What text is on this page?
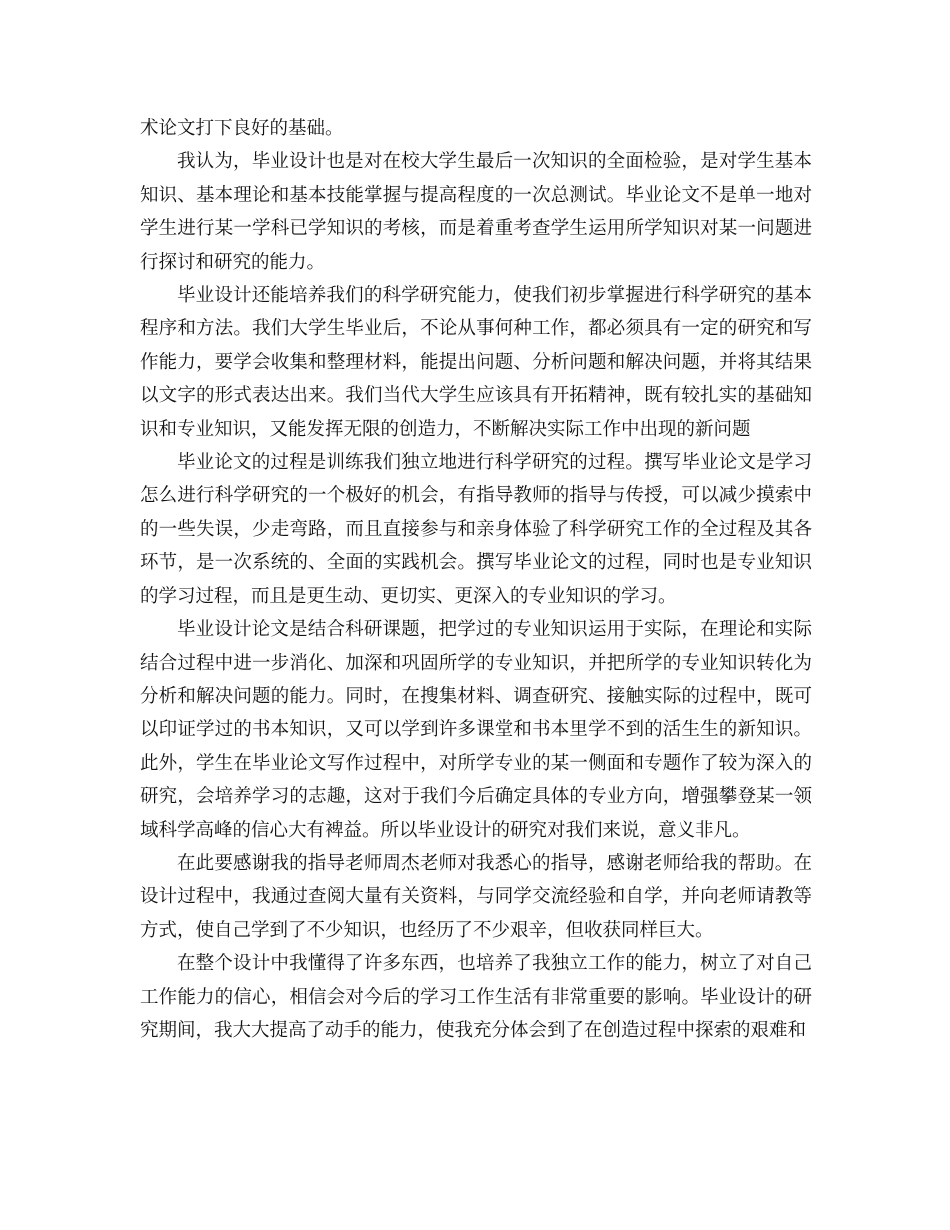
术论文打下良好的基础。

我认为，毕业设计也是对在校大学生最后一次知识的全面检验，是对学生基本知识、基本理论和基本技能掌握与提高程度的一次总测试。毕业论文不是单一地对学生进行某一学科已学知识的考核，而是着重考查学生运用所学知识对某一问题进行探讨和研究的能力。

毕业设计还能培养我们的科学研究能力，使我们初步掌握进行科学研究的基本程序和方法。我们大学生毕业后，不论从事何种工作，都必须具有一定的研究和写作能力，要学会收集和整理材料，能提出问题、分析问题和解决问题，并将其结果以文字的形式表达出来。我们当代大学生应该具有开拓精神，既有较扎实的基础知识和专业知识，又能发挥无限的创造力，不断解决实际工作中出现的新问题

毕业论文的过程是训练我们独立地进行科学研究的过程。撰写毕业论文是学习怎么进行科学研究的一个极好的机会，有指导教师的指导与传授，可以减少摸索中的一些失误，少走弯路，而且直接参与和亲身体验了科学研究工作的全过程及其各环节，是一次系统的、全面的实践机会。撰写毕业论文的过程，同时也是专业知识的学习过程，而且是更生动、更切实、更深入的专业知识的学习。

毕业设计论文是结合科研课题，把学过的专业知识运用于实际，在理论和实际结合过程中进一步消化、加深和巩固所学的专业知识，并把所学的专业知识转化为分析和解决问题的能力。同时，在搜集材料、调查研究、接触实际的过程中，既可以印证学过的书本知识，又可以学到许多课堂和书本里学不到的活生生的新知识。此外，学生在毕业论文写作过程中，对所学专业的某一侧面和专题作了较为深入的研究，会培养学习的志趣，这对于我们今后确定具体的专业方向，增强攀登某一领域科学高峰的信心大有裨益。所以毕业设计的研究对我们来说，意义非凡。

在此要感谢我的指导老师周杰老师对我悉心的指导，感谢老师给我的帮助。在设计过程中，我通过查阅大量有关资料，与同学交流经验和自学，并向老师请教等方式，使自己学到了不少知识，也经历了不少艰辛，但收获同样巨大。

在整个设计中我懂得了许多东西，也培养了我独立工作的能力，树立了对自己工作能力的信心，相信会对今后的学习工作生活有非常重要的影响。毕业设计的研究期间，我大大提高了动手的能力，使我充分体会到了在创造过程中探索的艰难和
